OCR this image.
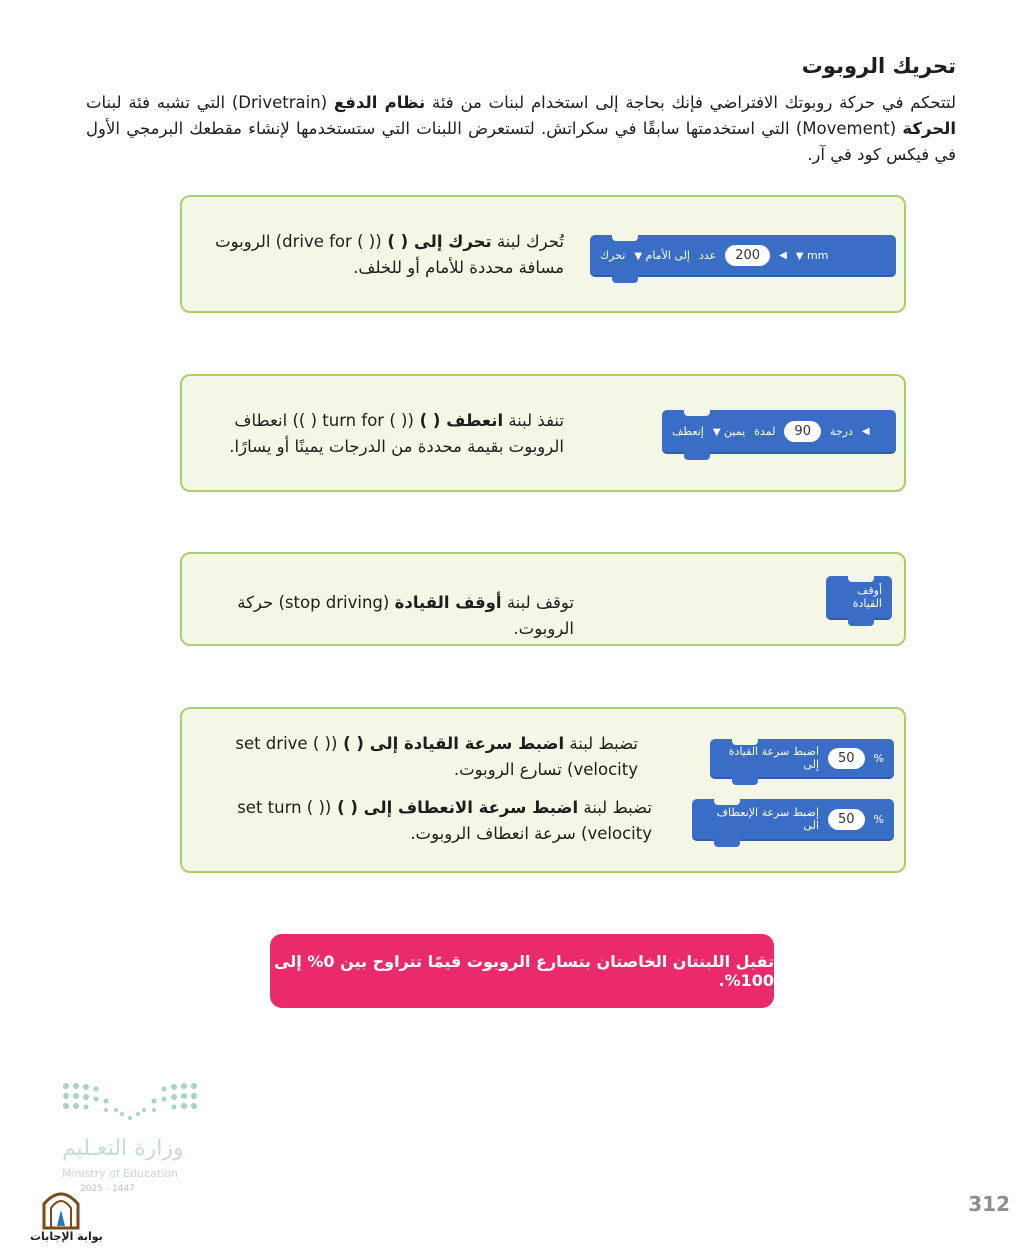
تحريك الروبوت
لتتحكم في حركة روبوتك الافتراضي فإنك بحاجة إلى استخدام لبنات من فئة نظام الدفع (Drivetrain) التي تشبه فئة لبنات الحركة (Movement) التي استخدمتها سابقًا في سكراتش. لتستعرض اللبنات التي ستستخدمها لإنشاء مقطعك البرمجي الأول في فيكس كود في آر.
تُحرك لبنة تحرك إلى ( ) (( ) drive for) الروبوت مسافة محددة للأمام أو للخلف.
تحرك	إلى الأمام ▼	عدد	200	◀	mm ▼
تنفذ لبنة انعطف ( ) (( ) turn for ( )) انعطاف الروبوت بقيمة محددة من الدرجات يمينًا أو يسارًا.
إنعطف	يمين ▼	لمدة	90	درجة ◀
توقف لبنة أوقف القيادة (stop driving) حركة الروبوت.
أوقف القيادة
تضبط لبنة اضبط سرعة القيادة إلى ( ) (( ) set drive velocity) تسارع الروبوت.
تضبط لبنة اضبط سرعة الانعطاف إلى ( ) (( ) set turn velocity) سرعة انعطاف الروبوت.
اضبط سرعة القيادة إلى	50	%
إضبط سرعة الإنعطاف الى	50	%
تقبل اللبنتان الخاصتان بتسارع الروبوت قيمًا تتراوح بين 0% إلى 100%.
وزارة التعـليم
Ministry of Education
2025 - 1447
بوابة الإجابات
312
